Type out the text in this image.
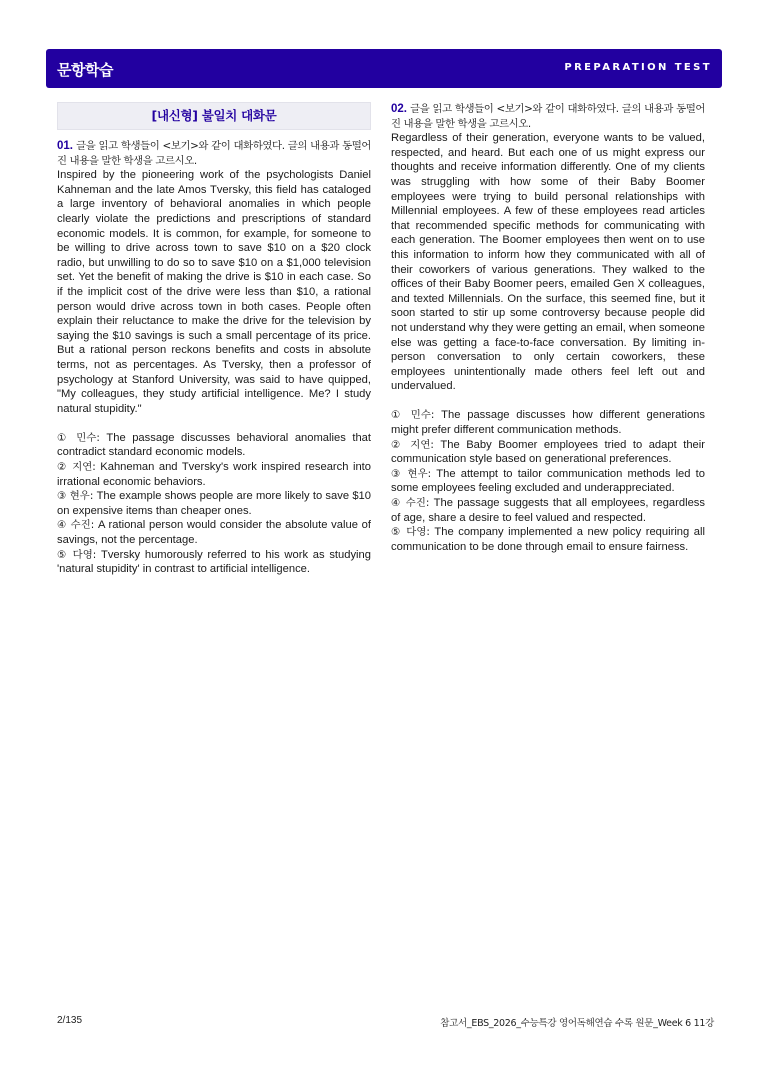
문항학습	PREPARATION TEST
[내신형] 불일치 대화문

01. 글을 읽고 학생들이 <보기>와 같이 대화하였다. 글의 내용과 동떨어진 내용을 말한 학생을 고르시오.

Inspired by the pioneering work of the psychologists Daniel Kahneman and the late Amos Tversky, this field has cataloged a large inventory of behavioral anomalies in which people clearly violate the predictions and prescriptions of standard economic models. It is common, for example, for someone to be willing to drive across town to save $10 on a $20 clock radio, but unwilling to do so to save $10 on a $1,000 television set. Yet the benefit of making the drive is $10 in each case. So if the implicit cost of the drive were less than $10, a rational person would drive across town in both cases. People often explain their reluctance to make the drive for the television by saying the $10 savings is such a small percentage of its price. But a rational person reckons benefits and costs in absolute terms, not as percentages. As Tversky, then a professor of psychology at Stanford University, was said to have quipped, "My colleagues, they study artificial intelligence. Me? I study natural stupidity."

① 민수: The passage discusses behavioral anomalies that contradict standard economic models.

② 지연: Kahneman and Tversky's work inspired research into irrational economic behaviors.

③ 현우: The example shows people are more likely to save $10 on expensive items than cheaper ones.

④ 수진: A rational person would consider the absolute value of savings, not the percentage.

⑤ 다영: Tversky humorously referred to his work as studying 'natural stupidity' in contrast to artificial intelligence.

02. 글을 읽고 학생들이 <보기>와 같이 대화하였다. 글의 내용과 동떨어진 내용을 말한 학생을 고르시오.

Regardless of their generation, everyone wants to be valued, respected, and heard. But each one of us might express our thoughts and receive information differently. One of my clients was struggling with how some of their Baby Boomer employees were trying to build personal relationships with Millennial employees. A few of these employees read articles that recommended specific methods for communicating with each generation. The Boomer employees then went on to use this information to inform how they communicated with all of their coworkers of various generations. They walked to the offices of their Baby Boomer peers, emailed Gen X colleagues, and texted Millennials. On the surface, this seemed fine, but it soon started to stir up some controversy because people did not understand why they were getting an email, when someone else was getting a face-to-face conversation. By limiting in-person conversation to only certain coworkers, these employees unintentionally made others feel left out and undervalued.

① 민수: The passage discusses how different generations might prefer different communication methods.

② 지연: The Baby Boomer employees tried to adapt their communication style based on generational preferences.

③ 현우: The attempt to tailor communication methods led to some employees feeling excluded and underappreciated.

④ 수진: The passage suggests that all employees, regardless of age, share a desire to feel valued and respected.

⑤ 다영: The company implemented a new policy requiring all communication to be done through email to ensure fairness.

2/135	참고서_EBS_2026_수능특강 영어독해연습 수록 원문_Week 6 11강
